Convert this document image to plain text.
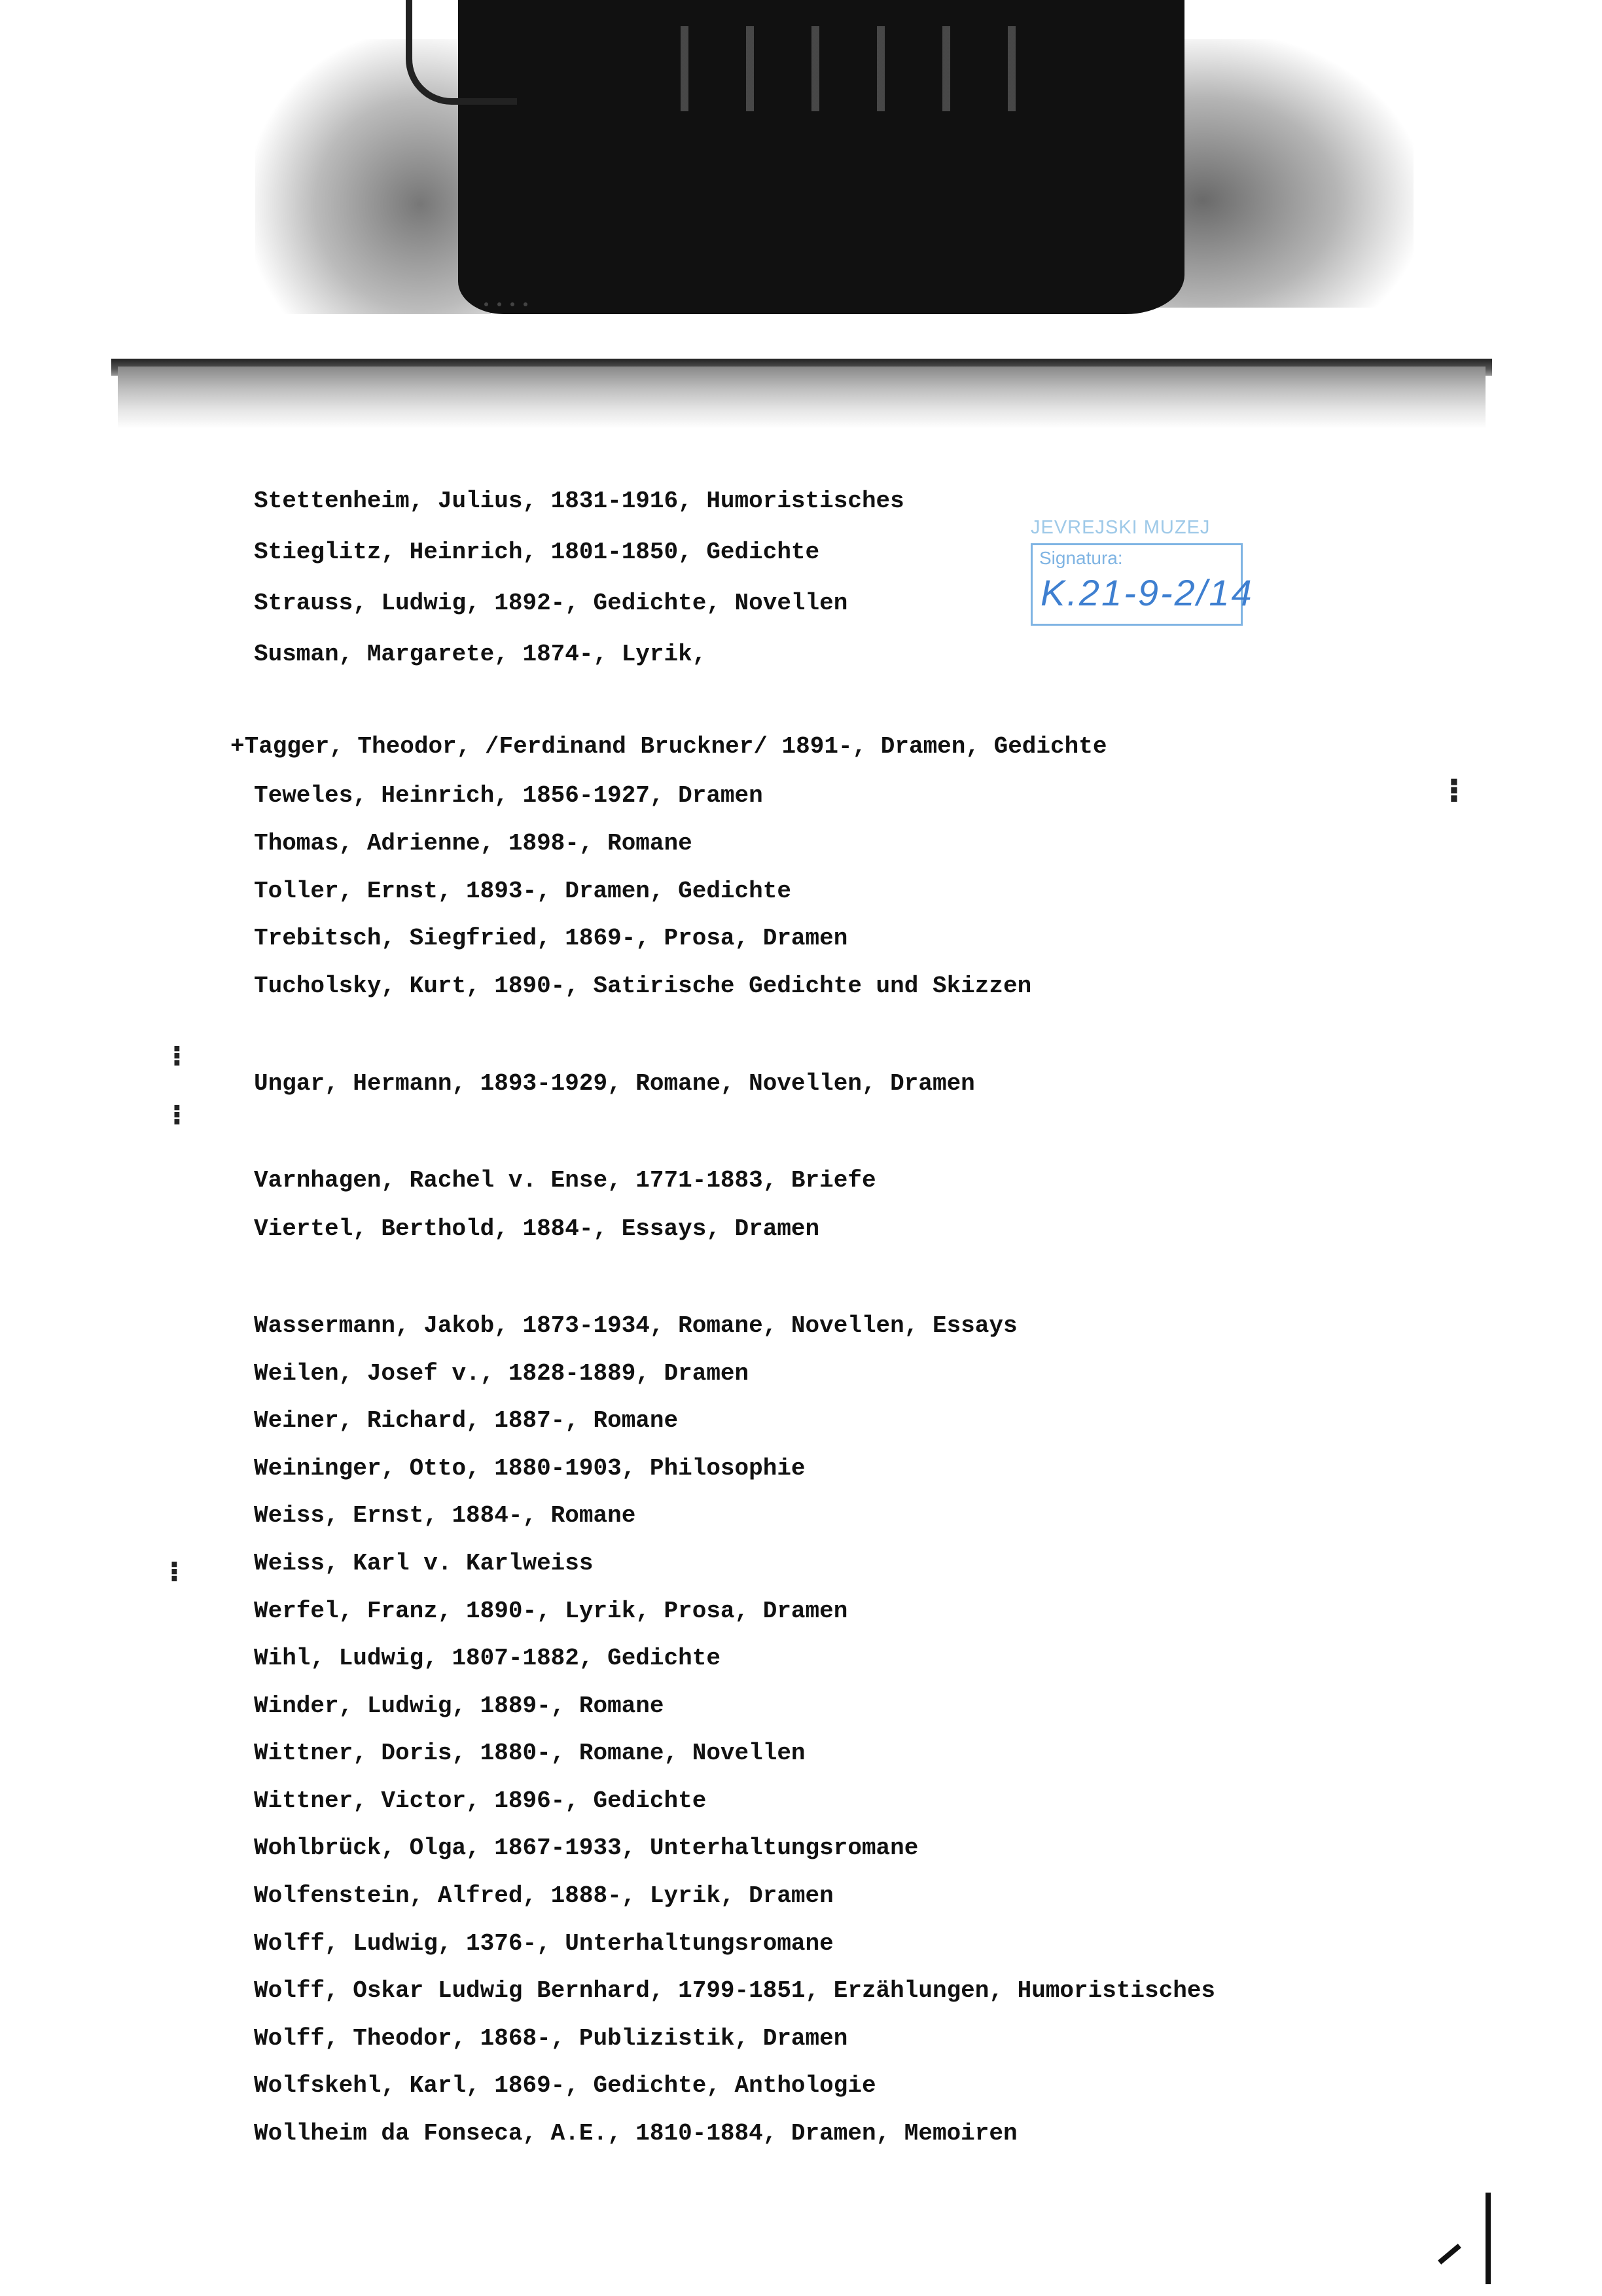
JEVREJSKI MUZEJ
Signatura:
K.21-9-2/14
Stettenheim, Julius, 1831-1916, Humoristisches
Stieglitz, Heinrich, 1801-1850, Gedichte
Strauss, Ludwig, 1892-, Gedichte, Novellen
Susman, Margarete, 1874-, Lyrik,
+Tagger, Theodor, /Ferdinand Bruckner/ 1891-, Dramen, Gedichte
Teweles, Heinrich, 1856-1927, Dramen
Thomas, Adrienne, 1898-, Romane
Toller, Ernst, 1893-, Dramen, Gedichte
Trebitsch, Siegfried, 1869-, Prosa, Dramen
Tucholsky, Kurt, 1890-, Satirische Gedichte und Skizzen
Ungar, Hermann, 1893-1929, Romane, Novellen, Dramen
Varnhagen, Rachel v. Ense, 1771-1883, Briefe
Viertel, Berthold, 1884-, Essays, Dramen
Wassermann, Jakob, 1873-1934, Romane, Novellen, Essays
Weilen, Josef v., 1828-1889, Dramen
Weiner, Richard, 1887-, Romane
Weininger, Otto, 1880-1903, Philosophie
Weiss, Ernst, 1884-, Romane
Weiss, Karl v. Karlweiss
Werfel, Franz, 1890-, Lyrik, Prosa, Dramen
Wihl, Ludwig, 1807-1882, Gedichte
Winder, Ludwig, 1889-, Romane
Wittner, Doris, 1880-, Romane, Novellen
Wittner, Victor, 1896-, Gedichte
Wohlbrück, Olga, 1867-1933, Unterhaltungsromane
Wolfenstein, Alfred, 1888-, Lyrik, Dramen
Wolff, Ludwig, 1376-, Unterhaltungsromane
Wolff, Oskar Ludwig Bernhard, 1799-1851, Erzählungen, Humoristisches
Wolff, Theodor, 1868-, Publizistik, Dramen
Wolfskehl, Karl, 1869-, Gedichte, Anthologie
Wollheim da Fonseca, A.E., 1810-1884, Dramen, Memoiren
⁝
⁝
⁝
⁝
